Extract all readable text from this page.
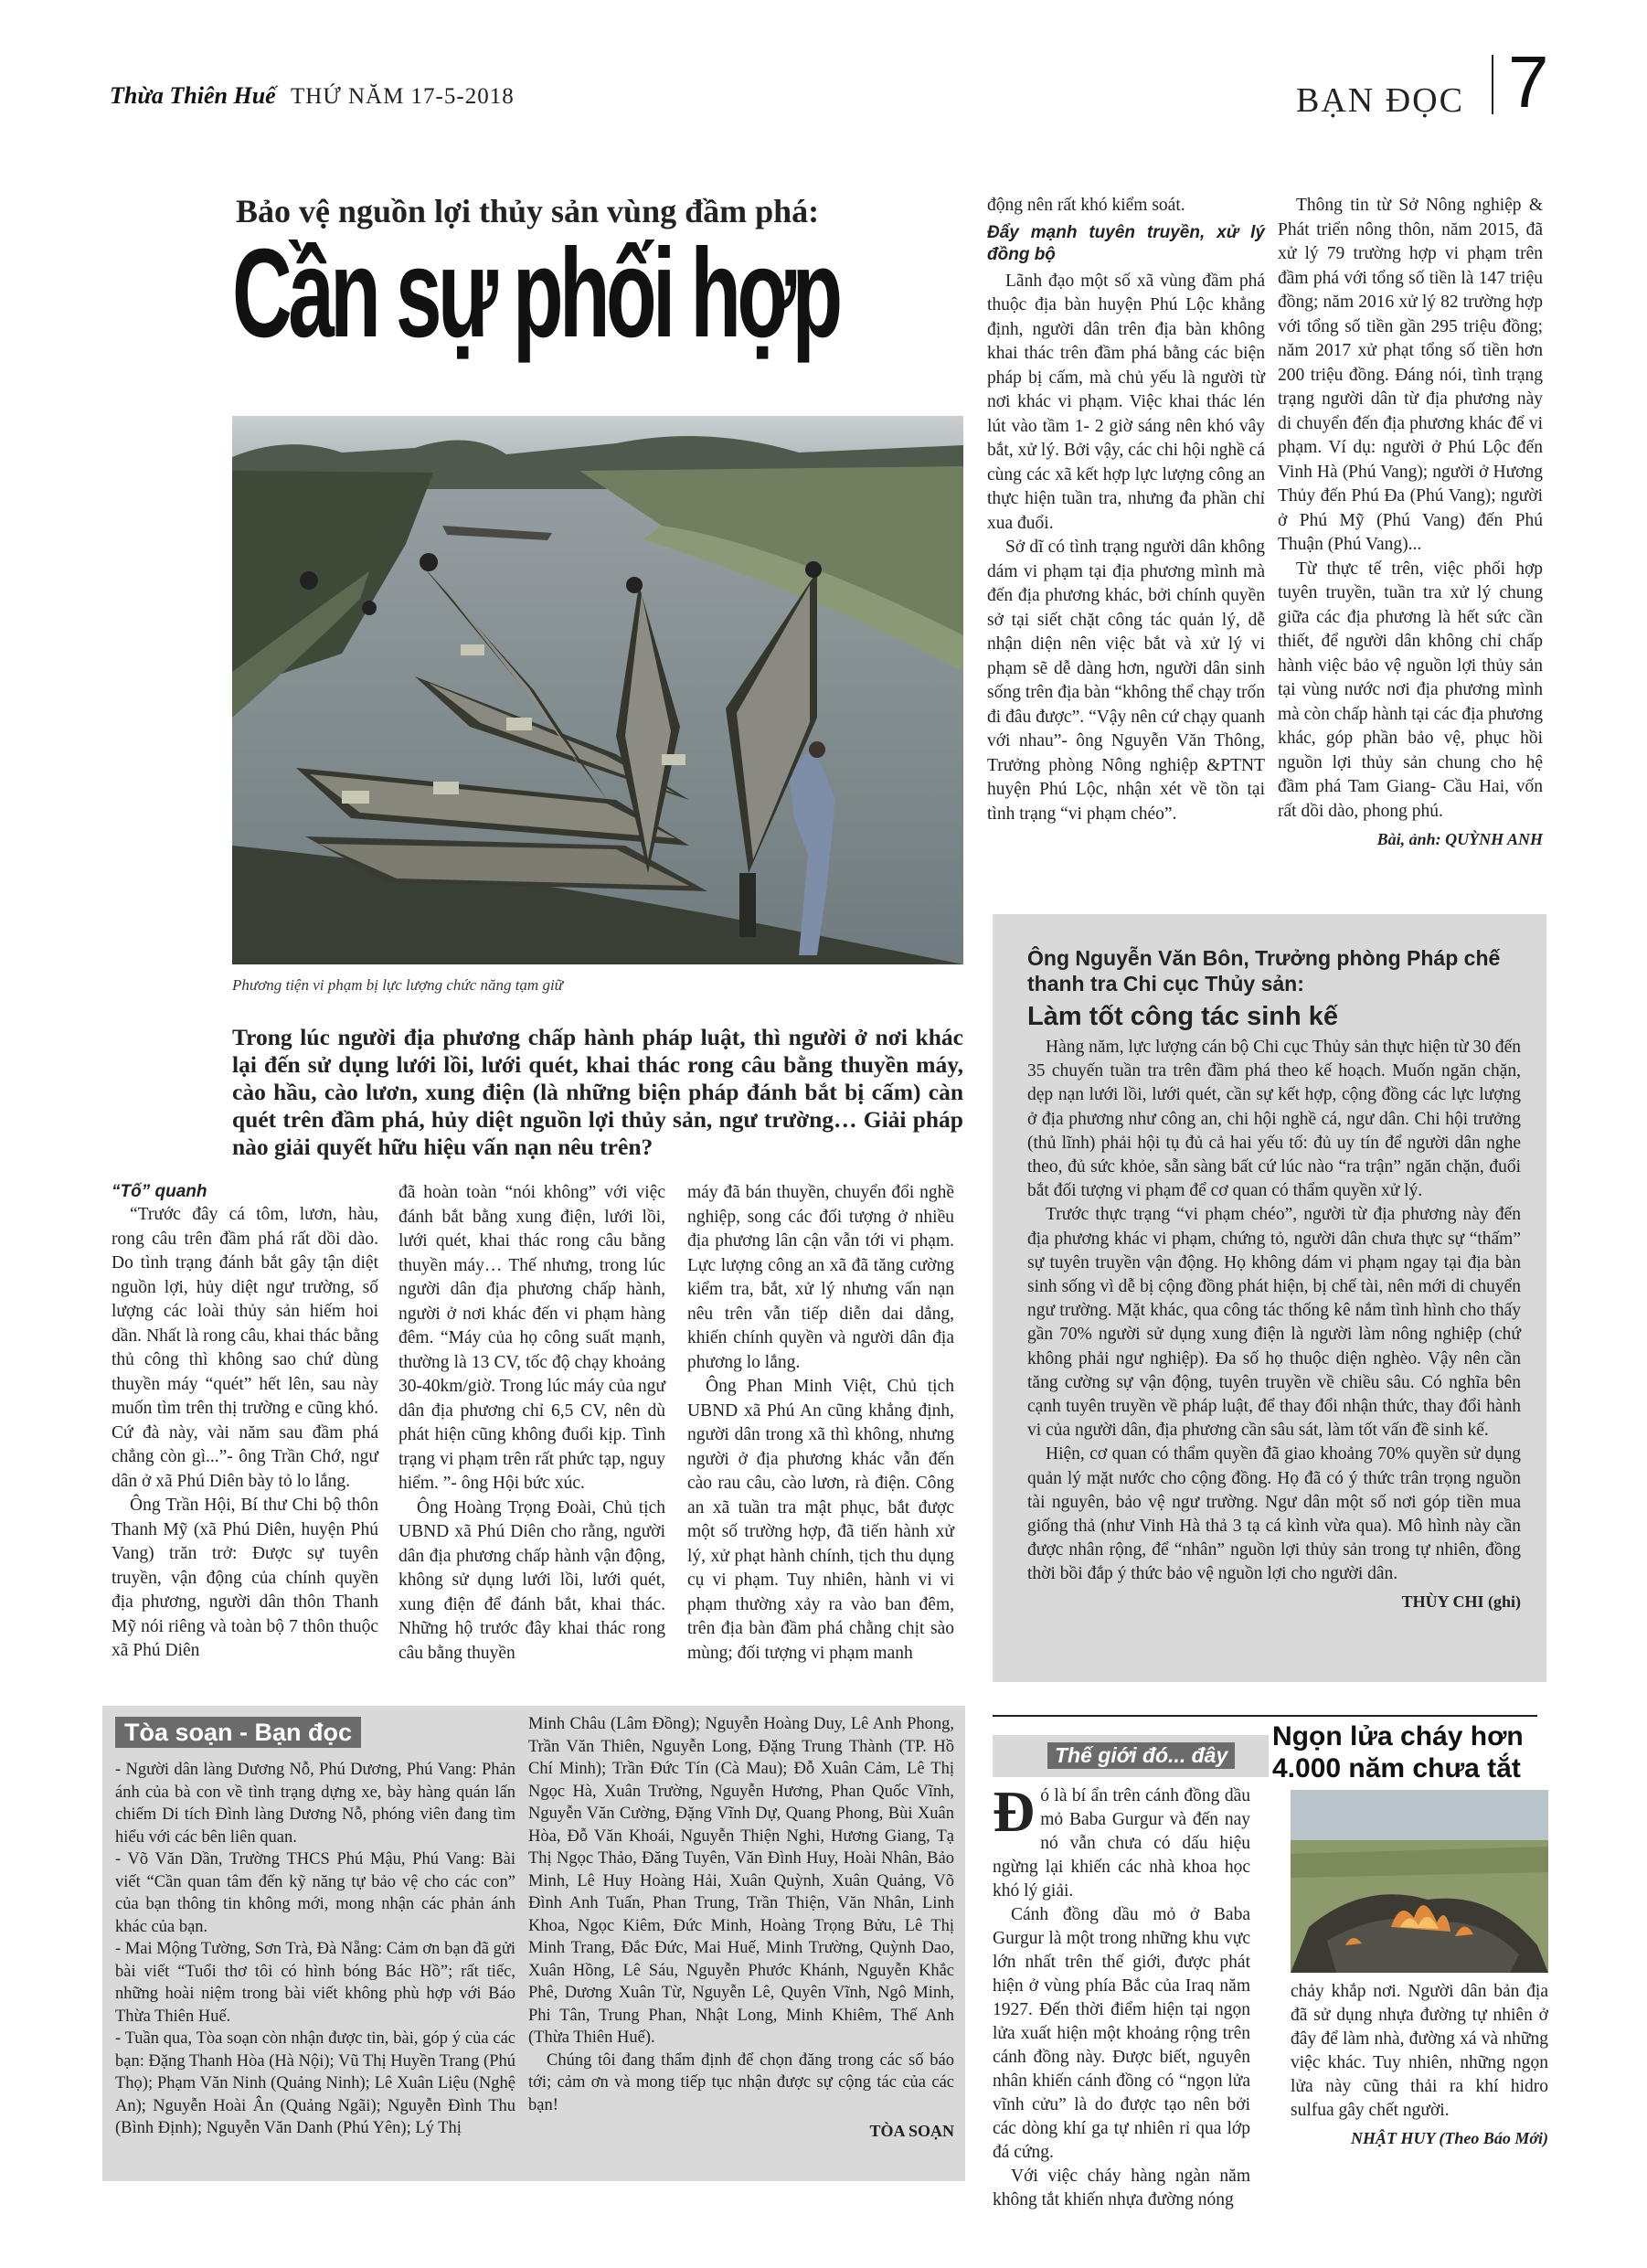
Thừa Thiên Huế THỨ NĂM 17-5-2018	BẠN ĐỌC 7
Bảo vệ nguồn lợi thủy sản vùng đầm phá:
Cần sự phối hợp
Phương tiện vi phạm bị lực lượng chức năng tạm giữ
Trong lúc người địa phương chấp hành pháp luật, thì người ở nơi khác lại đến sử dụng lưới lồi, lưới quét, khai thác rong câu bằng thuyền máy, cào hầu, cào lươn, xung điện (là những biện pháp đánh bắt bị cấm) càn quét trên đầm phá, hủy diệt nguồn lợi thủy sản, ngư trường… Giải pháp nào giải quyết hữu hiệu vấn nạn nêu trên?
“Tố” quanh

“Trước đây cá tôm, lươn, hàu, rong câu trên đầm phá rất dồi dào. Do tình trạng đánh bắt gây tận diệt nguồn lợi, hủy diệt ngư trường, số lượng các loài thủy sản hiếm hoi dần. Nhất là rong câu, khai thác bằng thủ công thì không sao chứ dùng thuyền máy “quét” hết lên, sau này muốn tìm trên thị trường e cũng khó. Cứ đà này, vài năm sau đầm phá chẳng còn gì...”- ông Trần Chớ, ngư dân ở xã Phú Diên bày tỏ lo lắng.

Ông Trần Hội, Bí thư Chi bộ thôn Thanh Mỹ (xã Phú Diên, huyện Phú Vang) trăn trở: Được sự tuyên truyền, vận động của chính quyền địa phương, người dân thôn Thanh Mỹ nói riêng và toàn bộ 7 thôn thuộc xã Phú Diên

đã hoàn toàn “nói không” với việc đánh bắt bằng xung điện, lưới lồi, lưới quét, khai thác rong câu bằng thuyền máy… Thế nhưng, trong lúc người dân địa phương chấp hành, người ở nơi khác đến vi phạm hàng đêm. “Máy của họ công suất mạnh, thường là 13 CV, tốc độ chạy khoảng 30-40km/giờ. Trong lúc máy của ngư dân địa phương chỉ 6,5 CV, nên dù phát hiện cũng không đuổi kịp. Tình trạng vi phạm trên rất phức tạp, nguy hiểm. ”- ông Hội bức xúc.

Ông Hoàng Trọng Đoài, Chủ tịch UBND xã Phú Diên cho rằng, người dân địa phương chấp hành vận động, không sử dụng lưới lồi, lưới quét, xung điện để đánh bắt, khai thác. Những hộ trước đây khai thác rong câu bằng thuyền

máy đã bán thuyền, chuyển đổi nghề nghiệp, song các đối tượng ở nhiều địa phương lân cận vẫn tới vi phạm. Lực lượng công an xã đã tăng cường kiểm tra, bắt, xử lý nhưng vấn nạn nêu trên vẫn tiếp diễn dai dẳng, khiến chính quyền và người dân địa phương lo lắng.

Ông Phan Minh Việt, Chủ tịch UBND xã Phú An cũng khẳng định, người dân trong xã thì không, nhưng người ở địa phương khác vẫn đến cào rau câu, cào lươn, rà điện. Công an xã tuần tra mật phục, bắt được một số trường hợp, đã tiến hành xử lý, xử phạt hành chính, tịch thu dụng cụ vi phạm. Tuy nhiên, hành vi vi phạm thường xảy ra vào ban đêm, trên địa bàn đầm phá chằng chịt sào mùng; đối tượng vi phạm manh

động nên rất khó kiểm soát.

Đẩy mạnh tuyên truyền, xử lý đồng bộ

Lãnh đạo một số xã vùng đầm phá thuộc địa bàn huyện Phú Lộc khẳng định, người dân trên địa bàn không khai thác trên đầm phá bằng các biện pháp bị cấm, mà chủ yếu là người từ nơi khác vi phạm. Việc khai thác lén lút vào tầm 1- 2 giờ sáng nên khó vây bắt, xử lý. Bởi vậy, các chi hội nghề cá cùng các xã kết hợp lực lượng công an thực hiện tuần tra, nhưng đa phần chỉ xua đuổi.

Sở dĩ có tình trạng người dân không dám vi phạm tại địa phương mình mà đến địa phương khác, bởi chính quyền sở tại siết chặt công tác quản lý, dễ nhận diện nên việc bắt và xử lý vi phạm sẽ dễ dàng hơn, người dân sinh sống trên địa bàn “không thể chạy trốn đi đâu được”. “Vậy nên cứ chạy quanh với nhau”- ông Nguyễn Văn Thông, Trưởng phòng Nông nghiệp &PTNT huyện Phú Lộc, nhận xét về tồn tại tình trạng “vi phạm chéo”.

Thông tin từ Sở Nông nghiệp & Phát triển nông thôn, năm 2015, đã xử lý 79 trường hợp vi phạm trên đầm phá với tổng số tiền là 147 triệu đồng; năm 2016 xử lý 82 trường hợp với tổng số tiền gần 295 triệu đồng; năm 2017 xử phạt tổng số tiền hơn 200 triệu đồng. Đáng nói, tình trạng trạng người dân từ địa phương này di chuyển đến địa phương khác để vi phạm. Ví dụ: người ở Phú Lộc đến Vinh Hà (Phú Vang); người ở Hương Thủy đến Phú Đa (Phú Vang); người ở Phú Mỹ (Phú Vang) đến Phú Thuận (Phú Vang)...

Từ thực tế trên, việc phối hợp tuyên truyền, tuần tra xử lý chung giữa các địa phương là hết sức cần thiết, để người dân không chỉ chấp hành việc bảo vệ nguồn lợi thủy sản tại vùng nước nơi địa phương mình mà còn chấp hành tại các địa phương khác, góp phần bảo vệ, phục hồi nguồn lợi thủy sản chung cho hệ đầm phá Tam Giang- Cầu Hai, vốn rất dồi dào, phong phú.

Bài, ảnh: QUỲNH ANH
Ông Nguyễn Văn Bôn, Trưởng phòng Pháp chế thanh tra Chi cục Thủy sản:
Làm tốt công tác sinh kế

Hàng năm, lực lượng cán bộ Chi cục Thủy sản thực hiện từ 30 đến 35 chuyến tuần tra trên đầm phá theo kế hoạch. Muốn ngăn chặn, dẹp nạn lưới lồi, lưới quét, cần sự kết hợp, cộng đồng các lực lượng ở địa phương như công an, chi hội nghề cá, ngư dân. Chi hội trưởng (thủ lĩnh) phải hội tụ đủ cả hai yếu tố: đủ uy tín để người dân nghe theo, đủ sức khỏe, sẵn sàng bất cứ lúc nào “ra trận” ngăn chặn, đuổi bắt đối tượng vi phạm để cơ quan có thẩm quyền xử lý.

Trước thực trạng “vi phạm chéo”, người từ địa phương này đến địa phương khác vi phạm, chứng tỏ, người dân chưa thực sự “thấm” sự tuyên truyền vận động. Họ không dám vi phạm ngay tại địa bàn sinh sống vì dễ bị cộng đồng phát hiện, bị chế tài, nên mới di chuyển ngư trường. Mặt khác, qua công tác thống kê nắm tình hình cho thấy gần 70% người sử dụng xung điện là người làm nông nghiệp (chứ không phải ngư nghiệp). Đa số họ thuộc diện nghèo. Vậy nên cần tăng cường sự vận động, tuyên truyền về chiều sâu. Có nghĩa bên cạnh tuyên truyền về pháp luật, để thay đổi nhận thức, thay đổi hành vi của người dân, địa phương cần sâu sát, làm tốt vấn đề sinh kế.

Hiện, cơ quan có thẩm quyền đã giao khoảng 70% quyền sử dụng quản lý mặt nước cho cộng đồng. Họ đã có ý thức trân trọng nguồn tài nguyên, bảo vệ ngư trường. Ngư dân một số nơi góp tiền mua giống thả (như Vinh Hà thả 3 tạ cá kình vừa qua). Mô hình này cần được nhân rộng, để “nhân” nguồn lợi thủy sản trong tự nhiên, đồng thời bồi đắp ý thức bảo vệ nguồn lợi cho người dân.

THÙY CHI (ghi)
Tòa soạn - Bạn đọc

- Người dân làng Dương Nỗ, Phú Dương, Phú Vang: Phản ánh của bà con về tình trạng dựng xe, bày hàng quán lấn chiếm Di tích Đình làng Dương Nỗ, phóng viên đang tìm hiểu với các bên liên quan.

- Võ Văn Dần, Trường THCS Phú Mậu, Phú Vang: Bài viết “Cần quan tâm đến kỹ năng tự bảo vệ cho các con” của bạn thông tin không mới, mong nhận các phản ánh khác của bạn.

- Mai Mộng Tường, Sơn Trà, Đà Nẵng: Cảm ơn bạn đã gửi bài viết “Tuổi thơ tôi có hình bóng Bác Hồ”; rất tiếc, những hoài niệm trong bài viết không phù hợp với Báo Thừa Thiên Huế.

- Tuần qua, Tòa soạn còn nhận được tin, bài, góp ý của các bạn: Đặng Thanh Hòa (Hà Nội); Vũ Thị Huyền Trang (Phú Thọ); Phạm Văn Ninh (Quảng Ninh); Lê Xuân Liệu (Nghệ An); Nguyễn Hoài Ân (Quảng Ngãi); Nguyễn Đình Thu (Bình Định); Nguyễn Văn Danh (Phú Yên); Lý Thị

Minh Châu (Lâm Đồng); Nguyễn Hoàng Duy, Lê Anh Phong, Trần Văn Thiên, Nguyễn Long, Đặng Trung Thành (TP. Hồ Chí Minh); Trần Đức Tín (Cà Mau); Đỗ Xuân Cảm, Lê Thị Ngọc Hà, Xuân Trường, Nguyễn Hương, Phan Quốc Vĩnh, Nguyễn Văn Cường, Đặng Vĩnh Dự, Quang Phong, Bùi Xuân Hòa, Đỗ Văn Khoái, Nguyễn Thiện Nghi, Hương Giang, Tạ Thị Ngọc Thảo, Đăng Tuyên, Văn Đình Huy, Hoài Nhân, Bảo Minh, Lê Huy Hoàng Hải, Xuân Quỳnh, Xuân Quảng, Võ Đình Anh Tuấn, Phan Trung, Trần Thiện, Văn Nhân, Linh Khoa, Ngọc Kiêm, Đức Minh, Hoàng Trọng Bửu, Lê Thị Minh Trang, Đắc Đức, Mai Huế, Minh Trường, Quỳnh Dao, Xuân Hồng, Lê Sáu, Nguyễn Phước Khánh, Nguyễn Khắc Phê, Dương Xuân Từ, Nguyễn Lê, Quyên Vĩnh, Ngô Minh, Phi Tân, Trung Phan, Nhật Long, Minh Khiêm, Thế Anh (Thừa Thiên Huế).

Chúng tôi đang thẩm định để chọn đăng trong các số báo tới; cảm ơn và mong tiếp tục nhận được sự cộng tác của các bạn!

TÒA SOẠN
Thế giới đó... đây
Ngọn lửa cháy hơn 4.000 năm chưa tắt

Đ ó là bí ẩn trên cánh đồng dầu mỏ Baba Gurgur và đến nay nó vẫn chưa có dấu hiệu ngừng lại khiến các nhà khoa học khó lý giải.

Cánh đồng dầu mỏ ở Baba Gurgur là một trong những khu vực lớn nhất trên thế giới, được phát hiện ở vùng phía Bắc của Iraq năm 1927. Đến thời điểm hiện tại ngọn lửa xuất hiện một khoảng rộng trên cánh đồng này. Được biết, nguyên nhân khiến cánh đồng có “ngọn lửa vĩnh cửu” là do được tạo nên bởi các dòng khí ga tự nhiên rỉ qua lớp đá cứng.

Với việc cháy hàng ngàn năm không tắt khiến nhựa đường nóng

chảy khắp nơi. Người dân bản địa đã sử dụng nhựa đường tự nhiên ở đây để làm nhà, đường xá và những việc khác. Tuy nhiên, những ngọn lửa này cũng thải ra khí hidro sulfua gây chết người.

NHẬT HUY (Theo Báo Mới)
